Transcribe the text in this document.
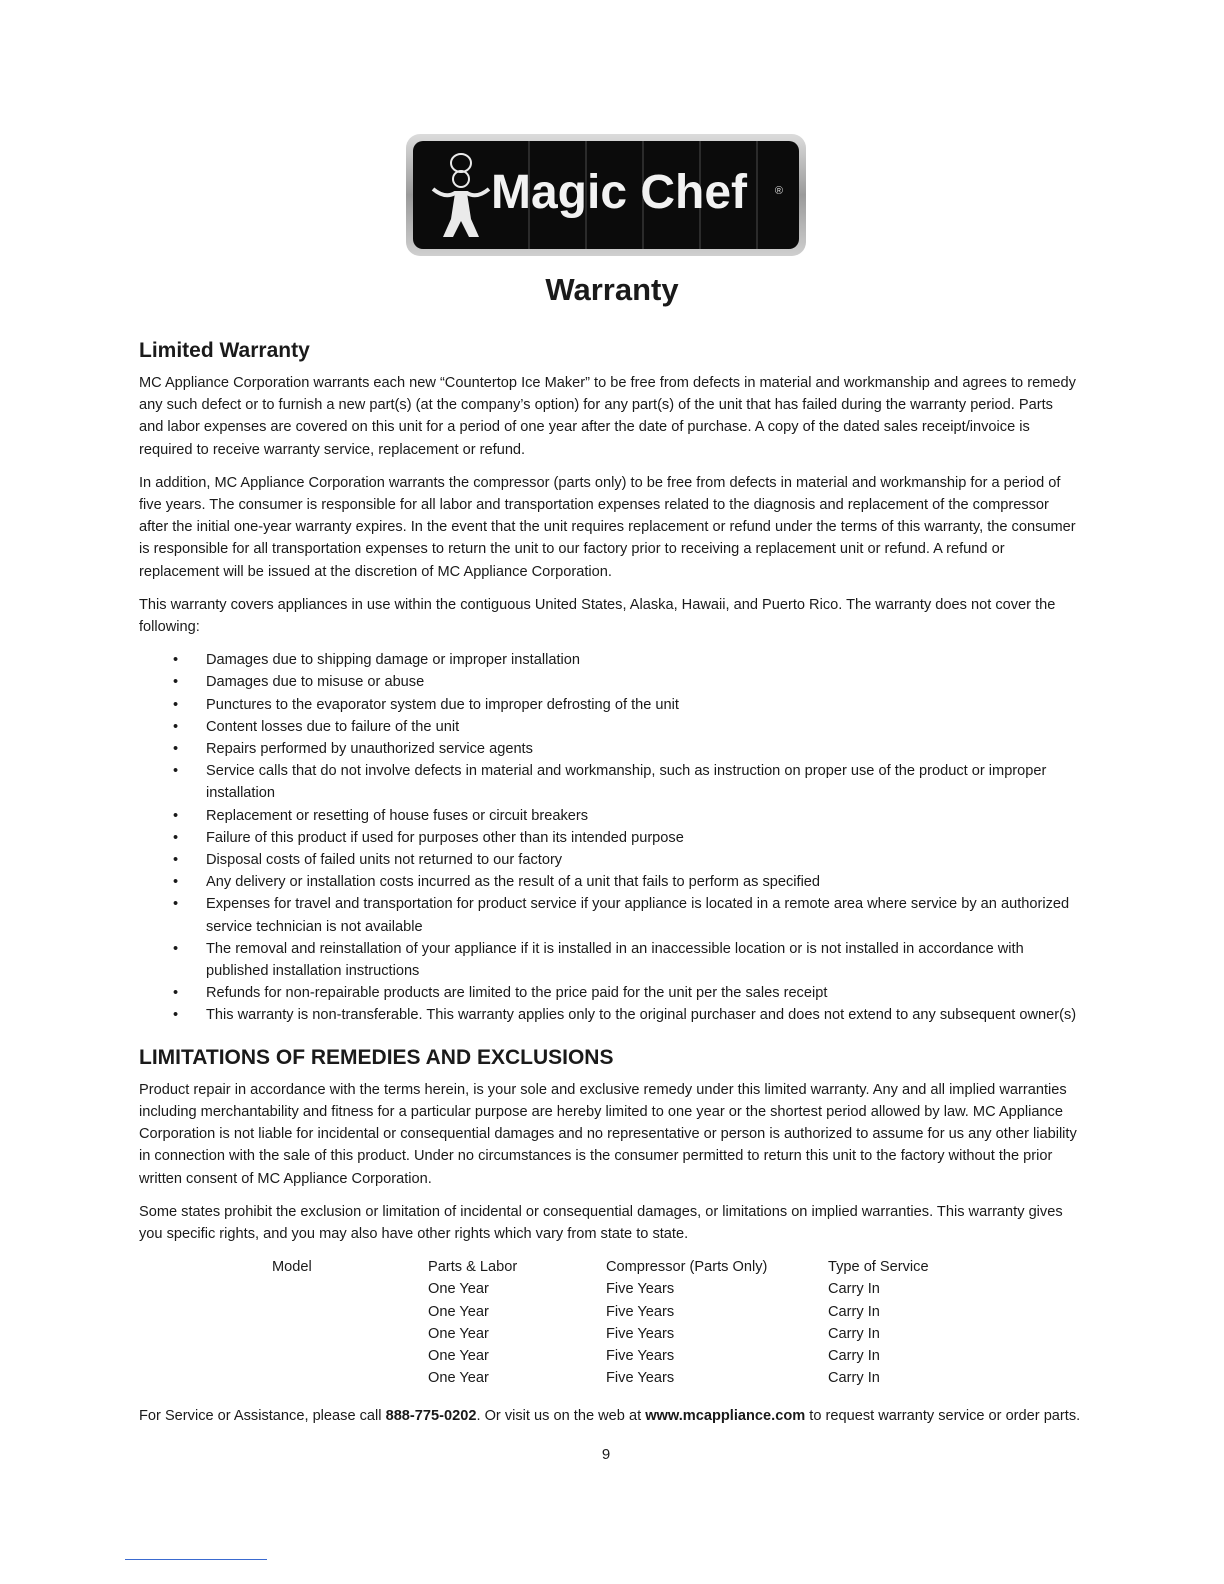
Magic Chef	®
Warranty
Limited Warranty

MC Appliance Corporation warrants each new “Countertop Ice Maker” to be free from defects in material and workmanship and agrees to remedy any such defect or to furnish a new part(s) (at the company’s option) for any part(s) of the unit that has failed during the warranty period. Parts and labor expenses are covered on this unit for a period of one year after the date of purchase. A copy of the dated sales receipt/invoice is required to receive warranty service, replacement or refund.

In addition, MC Appliance Corporation warrants the compressor (parts only) to be free from defects in material and workmanship for a period of five years. The consumer is responsible for all labor and transportation expenses related to the diagnosis and replacement of the compressor after the initial one-year warranty expires. In the event that the unit requires replacement or refund under the terms of this warranty, the consumer is responsible for all transportation expenses to return the unit to our factory prior to receiving a replacement unit or refund. A refund or replacement will be issued at the discretion of MC Appliance Corporation.

This warranty covers appliances in use within the contiguous United States, Alaska, Hawaii, and Puerto Rico. The warranty does not cover the following:

• Damages due to shipping damage or improper installation
• Damages due to misuse or abuse
• Punctures to the evaporator system due to improper defrosting of the unit
• Content losses due to failure of the unit
• Repairs performed by unauthorized service agents
• Service calls that do not involve defects in material and workmanship, such as instruction on proper use of the product or improper installation
• Replacement or resetting of house fuses or circuit breakers
• Failure of this product if used for purposes other than its intended purpose
• Disposal costs of failed units not returned to our factory
• Any delivery or installation costs incurred as the result of a unit that fails to perform as specified
• Expenses for travel and transportation for product service if your appliance is located in a remote area where service by an authorized service technician is not available
• The removal and reinstallation of your appliance if it is installed in an inaccessible location or is not installed in accordance with published installation instructions
• Refunds for non-repairable products are limited to the price paid for the unit per the sales receipt
• This warranty is non-transferable. This warranty applies only to the original purchaser and does not extend to any subsequent owner(s)
LIMITATIONS OF REMEDIES AND EXCLUSIONS

Product repair in accordance with the terms herein, is your sole and exclusive remedy under this limited warranty. Any and all implied warranties including merchantability and fitness for a particular purpose are hereby limited to one year or the shortest period allowed by law. MC Appliance Corporation is not liable for incidental or consequential damages and no representative or person is authorized to assume for us any other liability in connection with the sale of this product. Under no circumstances is the consumer permitted to return this unit to the factory without the prior written consent of MC Appliance Corporation.

Some states prohibit the exclusion or limitation of incidental or consequential damages, or limitations on implied warranties. This warranty gives you specific rights, and you may also have other rights which vary from state to state.

Model	Parts & Labor	Compressor (Parts Only)	Type of Service
	One Year	Five Years	Carry In
	One Year	Five Years	Carry In
	One Year	Five Years	Carry In
	One Year	Five Years	Carry In
	One Year	Five Years	Carry In
For Service or Assistance, please call 888-775-0202. Or visit us on the web at www.mcappliance.com to request warranty service or order parts.
9
